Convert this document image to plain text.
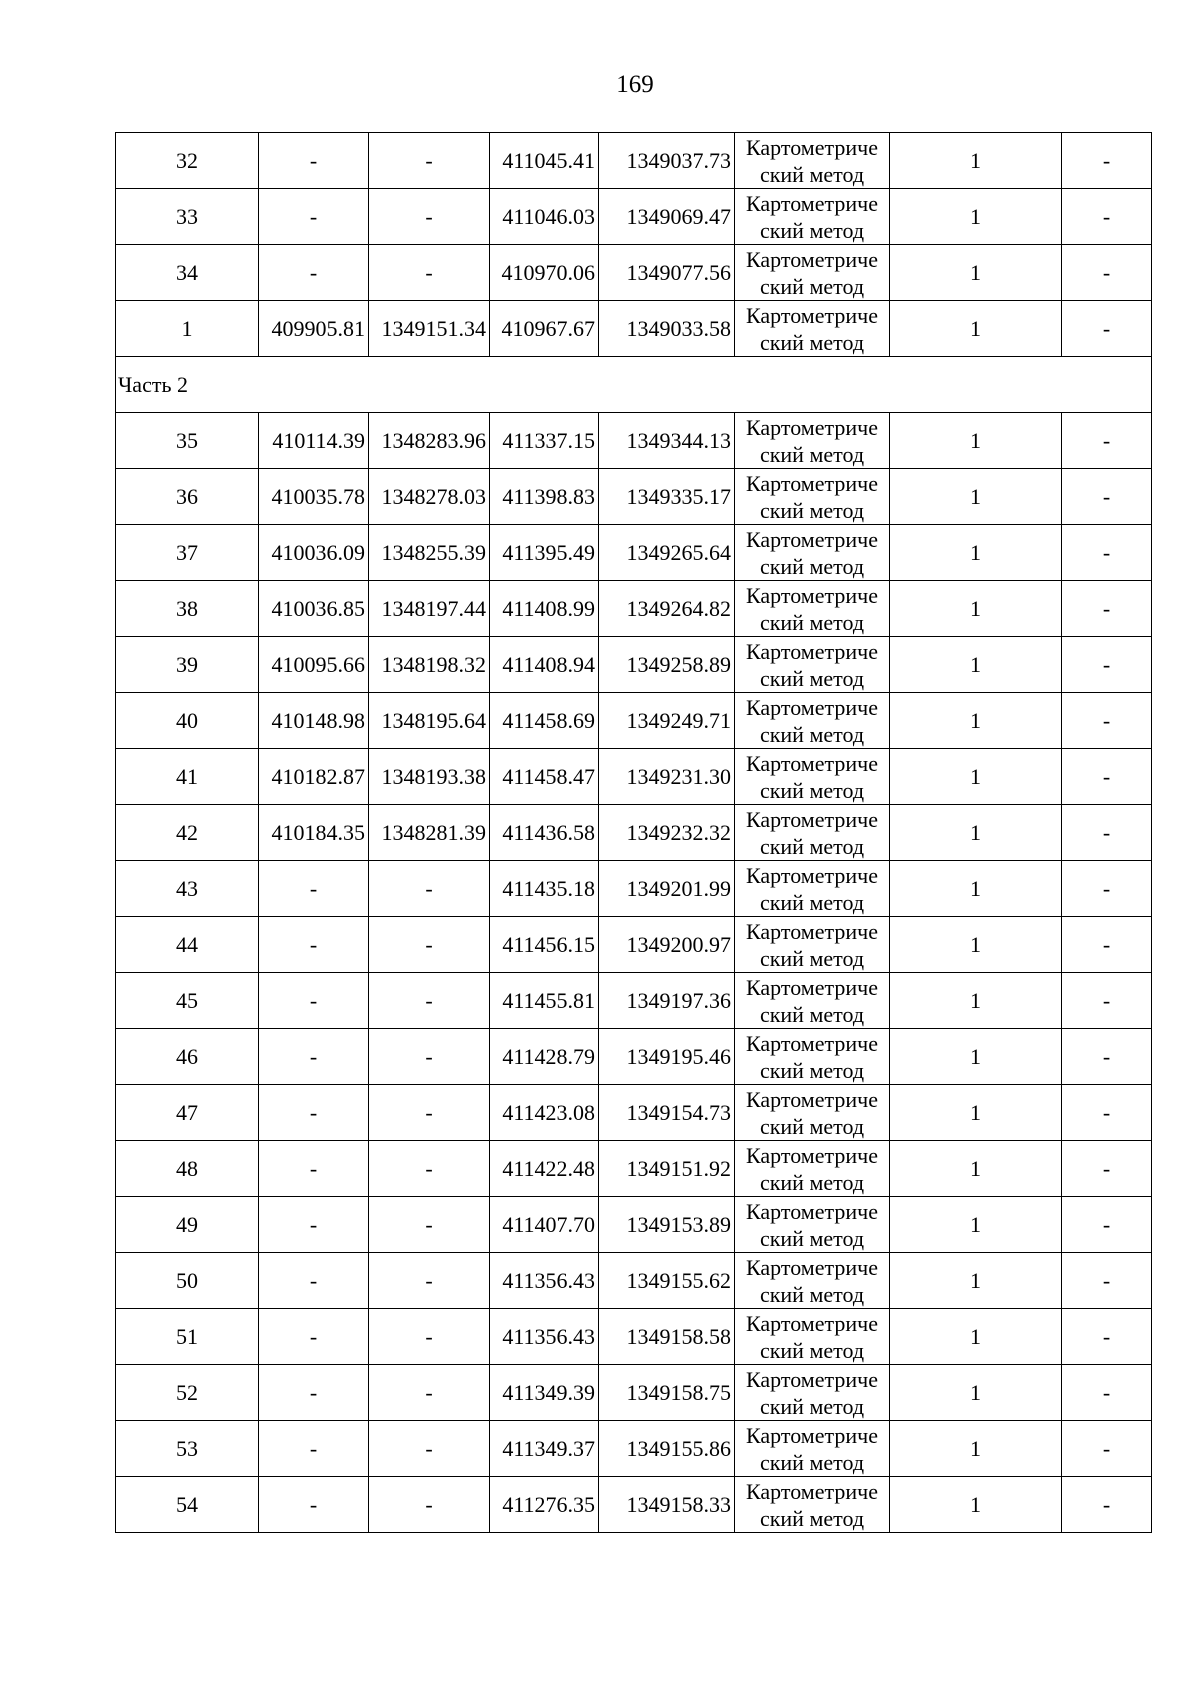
169
32	-	-	411045.41	1349037.73	Картометриче
ский метод	1	-
33	-	-	411046.03	1349069.47	Картометриче
ский метод	1	-
34	-	-	410970.06	1349077.56	Картометриче
ский метод	1	-
1	409905.81	1349151.34	410967.67	1349033.58	Картометриче
ский метод	1	-
Часть 2							
35	410114.39	1348283.96	411337.15	1349344.13	Картометриче
ский метод	1	-
36	410035.78	1348278.03	411398.83	1349335.17	Картометриче
ский метод	1	-
37	410036.09	1348255.39	411395.49	1349265.64	Картометриче
ский метод	1	-
38	410036.85	1348197.44	411408.99	1349264.82	Картометриче
ский метод	1	-
39	410095.66	1348198.32	411408.94	1349258.89	Картометриче
ский метод	1	-
40	410148.98	1348195.64	411458.69	1349249.71	Картометриче
ский метод	1	-
41	410182.87	1348193.38	411458.47	1349231.30	Картометриче
ский метод	1	-
42	410184.35	1348281.39	411436.58	1349232.32	Картометриче
ский метод	1	-
43	-	-	411435.18	1349201.99	Картометриче
ский метод	1	-
44	-	-	411456.15	1349200.97	Картометриче
ский метод	1	-
45	-	-	411455.81	1349197.36	Картометриче
ский метод	1	-
46	-	-	411428.79	1349195.46	Картометриче
ский метод	1	-
47	-	-	411423.08	1349154.73	Картометриче
ский метод	1	-
48	-	-	411422.48	1349151.92	Картометриче
ский метод	1	-
49	-	-	411407.70	1349153.89	Картометриче
ский метод	1	-
50	-	-	411356.43	1349155.62	Картометриче
ский метод	1	-
51	-	-	411356.43	1349158.58	Картометриче
ский метод	1	-
52	-	-	411349.39	1349158.75	Картометриче
ский метод	1	-
53	-	-	411349.37	1349155.86	Картометриче
ский метод	1	-
54	-	-	411276.35	1349158.33	Картометриче
ский метод	1	-
